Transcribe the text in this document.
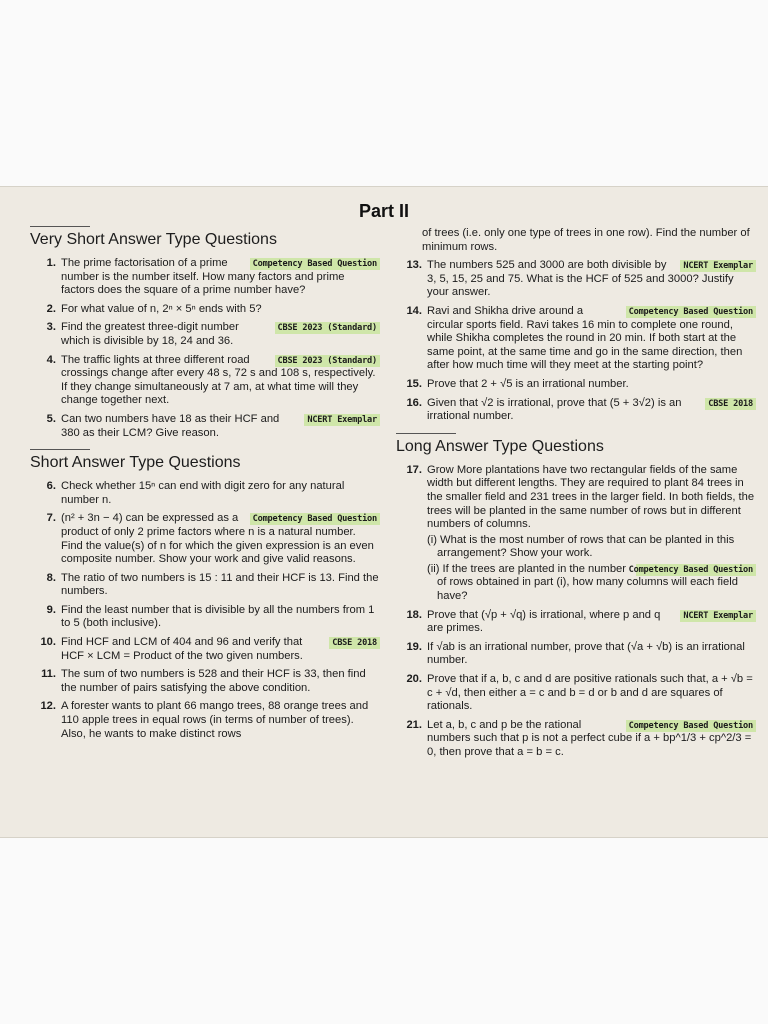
Part II
Very Short Answer Type Questions
1.	Competency Based Question
The prime factorisation of a prime number is the number itself. How many factors and prime factors does the square of a prime number have?
2. For what value of n, 2ⁿ × 5ⁿ ends with 5?
3.	CBSE 2023 (Standard)
Find the greatest three-digit number which is divisible by 18, 24 and 36.
4.	CBSE 2023 (Standard)
The traffic lights at three different road crossings change after every 48 s, 72 s and 108 s, respectively. If they change simultaneously at 7 am, at what time will they change together next.
5.	NCERT Exemplar
Can two numbers have 18 as their HCF and 380 as their LCM? Give reason.
Short Answer Type Questions
6. Check whether 15ⁿ can end with digit zero for any natural number n.
7.	Competency Based Question
(n² + 3n − 4) can be expressed as a product of only 2 prime factors where n is a natural number. Find the value(s) of n for which the given expression is an even composite number. Show your work and give valid reasons.
8. The ratio of two numbers is 15 : 11 and their HCF is 13. Find the numbers.
9. Find the least number that is divisible by all the numbers from 1 to 5 (both inclusive).
10.	CBSE 2018
Find HCF and LCM of 404 and 96 and verify that HCF × LCM = Product of the two given numbers.
11. The sum of two numbers is 528 and their HCF is 33, then find the number of pairs satisfying the above condition.
12. A forester wants to plant 66 mango trees, 88 orange trees and 110 apple trees in equal rows (in terms of number of trees). Also, he wants to make distinct rows
of trees (i.e. only one type of trees in one row). Find the number of minimum rows.
13.	NCERT Exemplar
The numbers 525 and 3000 are both divisible by 3, 5, 15, 25 and 75. What is the HCF of 525 and 3000? Justify your answer.
14.	Competency Based Question
Ravi and Shikha drive around a circular sports field. Ravi takes 16 min to complete one round, while Shikha completes the round in 20 min. If both start at the same point, at the same time and go in the same direction, then after how much time will they meet at the starting point?
15. Prove that 2 + √5 is an irrational number.
16.	CBSE 2018
Given that √2 is irrational, prove that (5 + 3√2) is an irrational number.
Long Answer Type Questions
17. Grow More plantations have two rectangular fields of the same width but different lengths. They are required to plant 84 trees in the smaller field and 231 trees in the larger field. In both fields, the trees will be planted in the same number of rows but in different numbers of columns.
(i) What is the most number of rows that can be planted in this arrangement? Show your work.
Competency Based Question
(ii) If the trees are planted in the number of rows obtained in part (i), how many columns will each field have?
18.	NCERT Exemplar
Prove that (√p + √q) is irrational, where p and q are primes.
19. If √ab is an irrational number, prove that (√a + √b) is an irrational number.
20. Prove that if a, b, c and d are positive rationals such that, a + √b = c + √d, then either a = c and b = d or b and d are squares of rationals.
21.	Competency Based Question
Let a, b, c and p be the rational numbers such that p is not a perfect cube if a + bp^1/3 + cp^2/3 = 0, then prove that a = b = c.
